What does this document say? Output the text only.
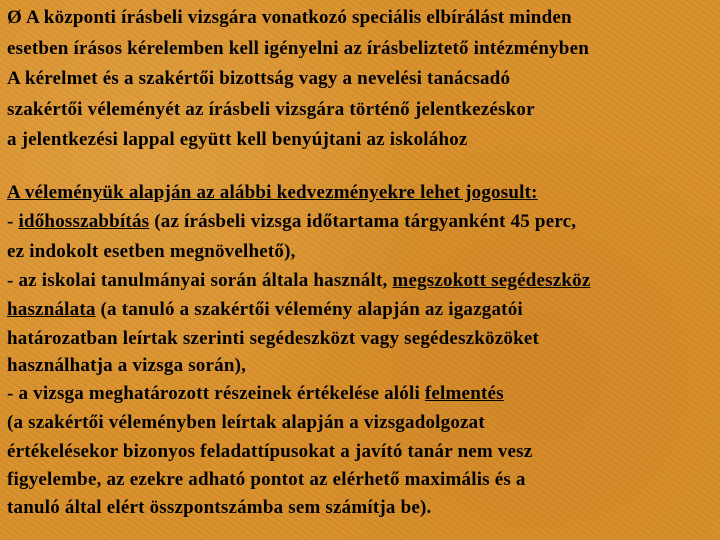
Ø A központi írásbeli vizsgára vonatkozó speciális elbírálást minden
esetben írásos kérelemben kell igényelni az írásbeliztető intézményben
A kérelmet és a szakértői bizottság vagy a nevelési tanácsadó
szakértői véleményét az írásbeli vizsgára történő jelentkezéskor
a jelentkezési lappal együtt kell benyújtani az iskolához
A véleményük alapján az alábbi kedvezményekre lehet jogosult:
- időhosszabbítás (az írásbeli vizsga időtartama tárgyanként 45 perc,
ez indokolt esetben megnövelhető),
- az iskolai tanulmányai során általa használt, megszokott segédeszköz
használata (a tanuló a szakértői vélemény alapján az igazgatói
határozatban leírtak szerinti segédeszközt vagy segédeszközöket
használhatja a vizsga során),
- a vizsga meghatározott részeinek értékelése alóli felmentés
(a szakértői véleményben leírtak alapján a vizsgadolgozat
értékelésekor bizonyos feladattípusokat a javító tanár nem vesz
figyelembe, az ezekre adható pontot az elérhető maximális és a
tanuló által elért összpontszámba sem számítja be).
